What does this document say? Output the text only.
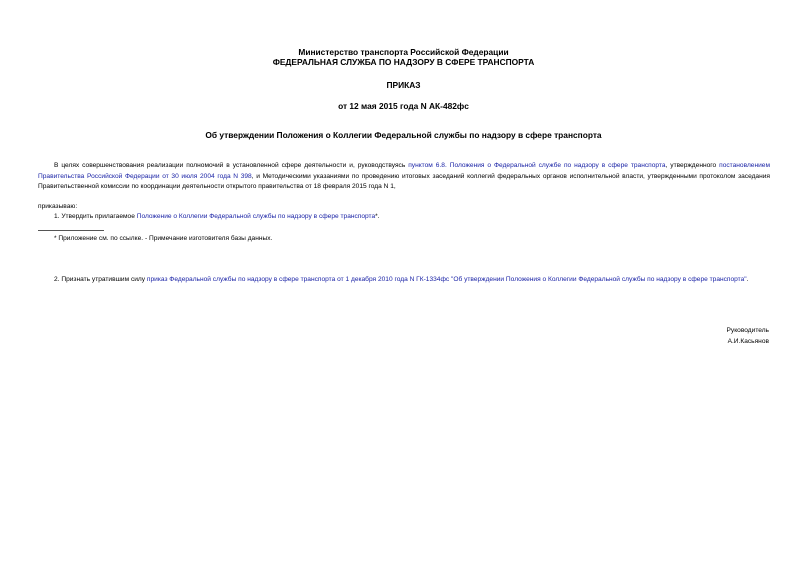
Министерство транспорта Российской Федерации
ФЕДЕРАЛЬНАЯ СЛУЖБА ПО НАДЗОРУ В СФЕРЕ ТРАНСПОРТА
ПРИКАЗ
от 12 мая 2015 года N АК-482фс
Об утверждении Положения о Коллегии Федеральной службы по надзору в сфере транспорта
В целях совершенствования реализации полномочий в установленной сфере деятельности и, руководствуясь пунктом 6.8. Положения о Федеральной службе по надзору в сфере транспорта, утвержденного постановлением Правительства Российской Федерации от 30 июля 2004 года N 398, и Методическими указаниями по проведению итоговых заседаний коллегий федеральных органов исполнительной власти, утвержденными протоколом заседания Правительственной комиссии по координации деятельности открытого правительства от 18 февраля 2015 года N 1,
приказываю:
1. Утвердить прилагаемое Положение о Коллегии Федеральной службы по надзору в сфере транспорта*.
* Приложение см. по ссылке. - Примечание изготовителя базы данных.
2. Признать утратившим силу приказ Федеральной службы по надзору в сфере транспорта от 1 декабря 2010 года N ГК-1334фс "Об утверждении Положения о Коллегии Федеральной службы по надзору в сфере транспорта".
Руководитель
А.И.Касьянов
